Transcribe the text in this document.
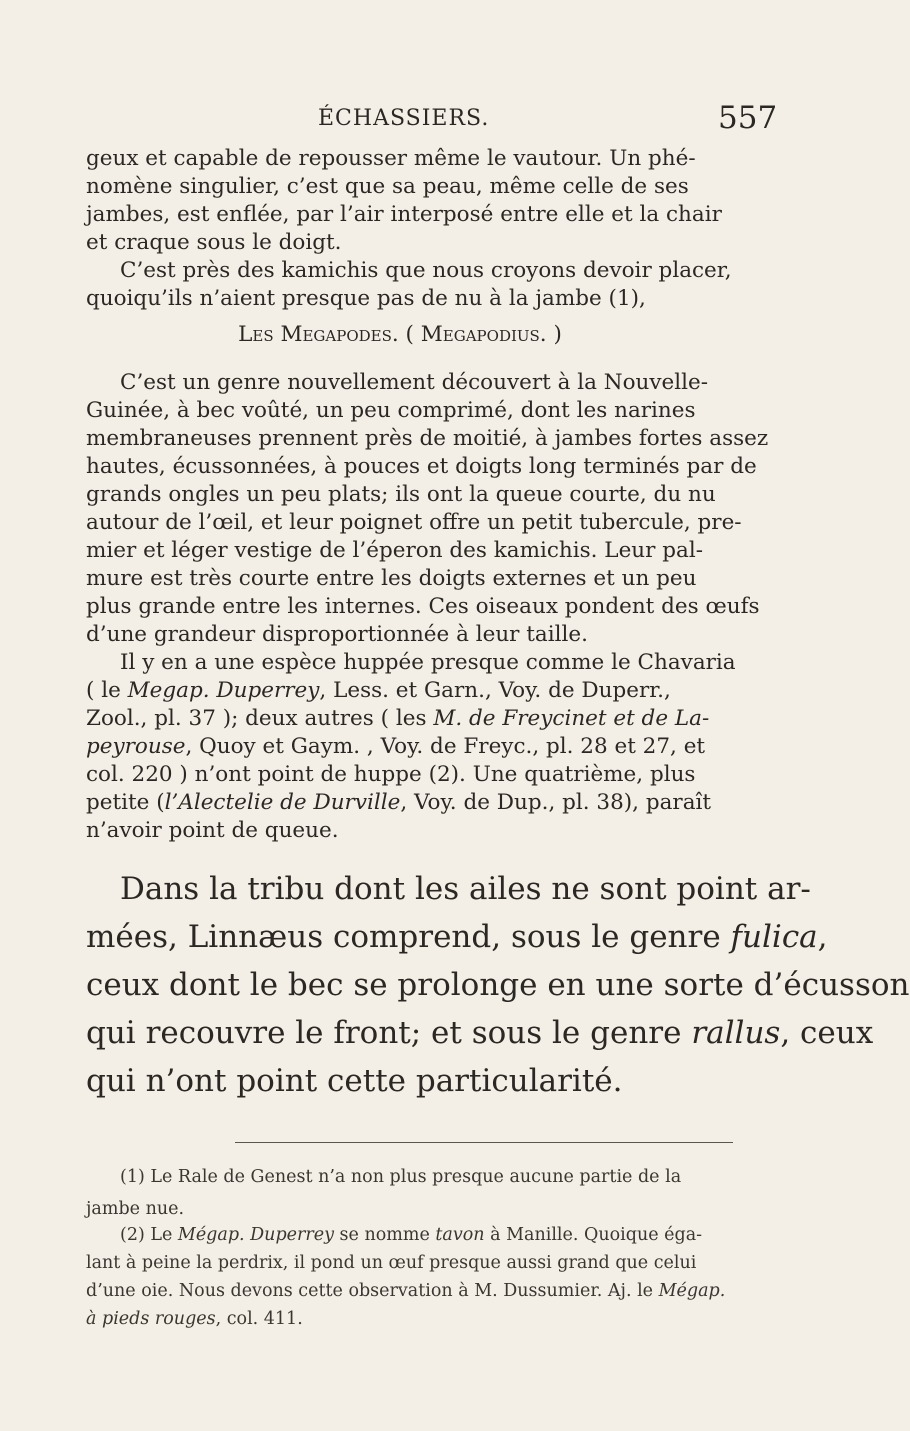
ÉCHASSIERS.	557
geux et capable de repousser même le vautour. Un phé-
nomène singulier, c’est que sa peau, même celle de ses
jambes, est enflée, par l’air interposé entre elle et la chair
et craque sous le doigt.
C’est près des kamichis que nous croyons devoir placer,
quoiqu’ils n’aient presque pas de nu à la jambe (1),
Les Megapodes. ( Megapodius. )
C’est un genre nouvellement découvert à la Nouvelle-
Guinée, à bec voûté, un peu comprimé, dont les narines
membraneuses prennent près de moitié, à jambes fortes assez
hautes, écussonnées, à pouces et doigts long terminés par de
grands ongles un peu plats; ils ont la queue courte, du nu
autour de l’œil, et leur poignet offre un petit tubercule, pre-
mier et léger vestige de l’éperon des kamichis. Leur pal-
mure est très courte entre les doigts externes et un peu
plus grande entre les internes. Ces oiseaux pondent des œufs
d’une grandeur disproportionnée à leur taille.
Il y en a une espèce huppée presque comme le Chavaria
( le Megap. Duperrey, Less. et Garn., Voy. de Duperr.,
Zool., pl. 37 ); deux autres ( les M. de Freycinet et de La-
peyrouse, Quoy et Gaym. , Voy. de Freyc., pl. 28 et 27, et
col. 220 ) n’ont point de huppe (2). Une quatrième, plus
petite (l’Alectelie de Durville, Voy. de Dup., pl. 38), paraît
n’avoir point de queue.
Dans la tribu dont les ailes ne sont point ar-
mées, Linnæus comprend, sous le genre fulica,
ceux dont le bec se prolonge en une sorte d’écusson
qui recouvre le front; et sous le genre rallus, ceux
qui n’ont point cette particularité.
(1) Le Rale de Genest n’a non plus presque aucune partie de la
jambe nue.
(2) Le Mégap. Duperrey se nomme tavon à Manille. Quoique éga-
lant à peine la perdrix, il pond un œuf presque aussi grand que celui
d’une oie. Nous devons cette observation à M. Dussumier. Aj. le Mégap.
à pieds rouges, col. 411.
